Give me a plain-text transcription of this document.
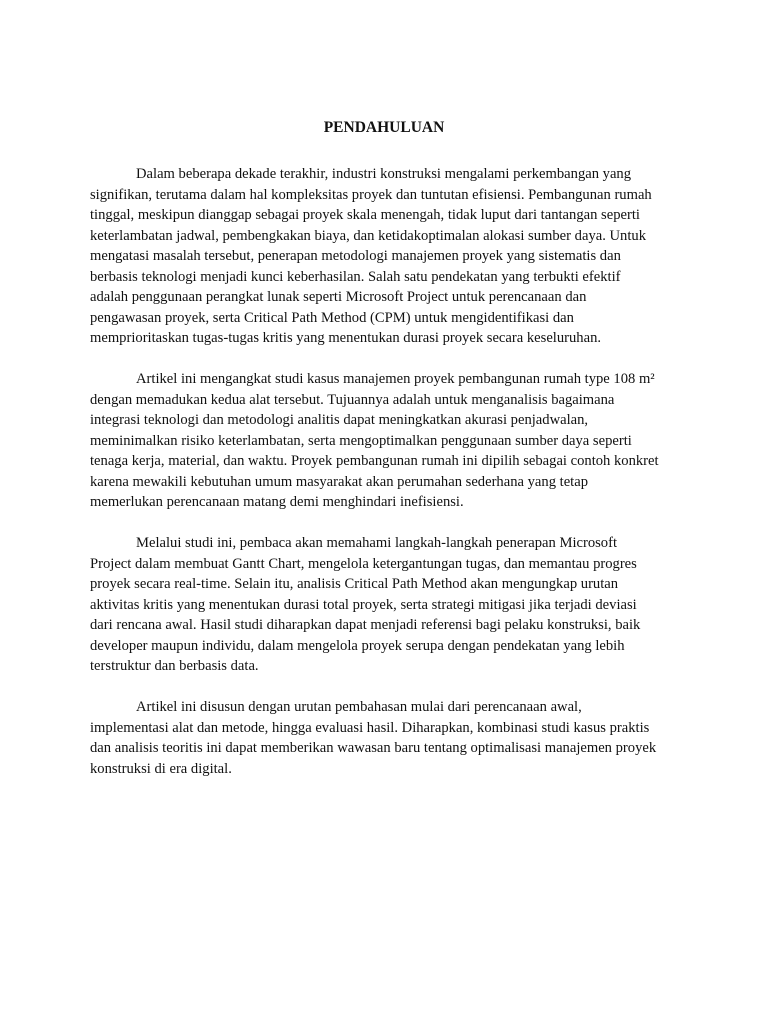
PENDAHULUAN

Dalam beberapa dekade terakhir, industri konstruksi mengalami perkembangan yang
signifikan, terutama dalam hal kompleksitas proyek dan tuntutan efisiensi. Pembangunan rumah
tinggal, meskipun dianggap sebagai proyek skala menengah, tidak luput dari tantangan seperti
keterlambatan jadwal, pembengkakan biaya, dan ketidakoptimalan alokasi sumber daya. Untuk
mengatasi masalah tersebut, penerapan metodologi manajemen proyek yang sistematis dan
berbasis teknologi menjadi kunci keberhasilan. Salah satu pendekatan yang terbukti efektif
adalah penggunaan perangkat lunak seperti Microsoft Project untuk perencanaan dan
pengawasan proyek, serta Critical Path Method (CPM) untuk mengidentifikasi dan
memprioritaskan tugas-tugas kritis yang menentukan durasi proyek secara keseluruhan.

Artikel ini mengangkat studi kasus manajemen proyek pembangunan rumah type 108 m²
dengan memadukan kedua alat tersebut. Tujuannya adalah untuk menganalisis bagaimana
integrasi teknologi dan metodologi analitis dapat meningkatkan akurasi penjadwalan,
meminimalkan risiko keterlambatan, serta mengoptimalkan penggunaan sumber daya seperti
tenaga kerja, material, dan waktu. Proyek pembangunan rumah ini dipilih sebagai contoh konkret
karena mewakili kebutuhan umum masyarakat akan perumahan sederhana yang tetap
memerlukan perencanaan matang demi menghindari inefisiensi.

Melalui studi ini, pembaca akan memahami langkah-langkah penerapan Microsoft
Project dalam membuat Gantt Chart, mengelola ketergantungan tugas, dan memantau progres
proyek secara real-time. Selain itu, analisis Critical Path Method akan mengungkap urutan
aktivitas kritis yang menentukan durasi total proyek, serta strategi mitigasi jika terjadi deviasi
dari rencana awal. Hasil studi diharapkan dapat menjadi referensi bagi pelaku konstruksi, baik
developer maupun individu, dalam mengelola proyek serupa dengan pendekatan yang lebih
terstruktur dan berbasis data.

Artikel ini disusun dengan urutan pembahasan mulai dari perencanaan awal,
implementasi alat dan metode, hingga evaluasi hasil. Diharapkan, kombinasi studi kasus praktis
dan analisis teoritis ini dapat memberikan wawasan baru tentang optimalisasi manajemen proyek
konstruksi di era digital.
